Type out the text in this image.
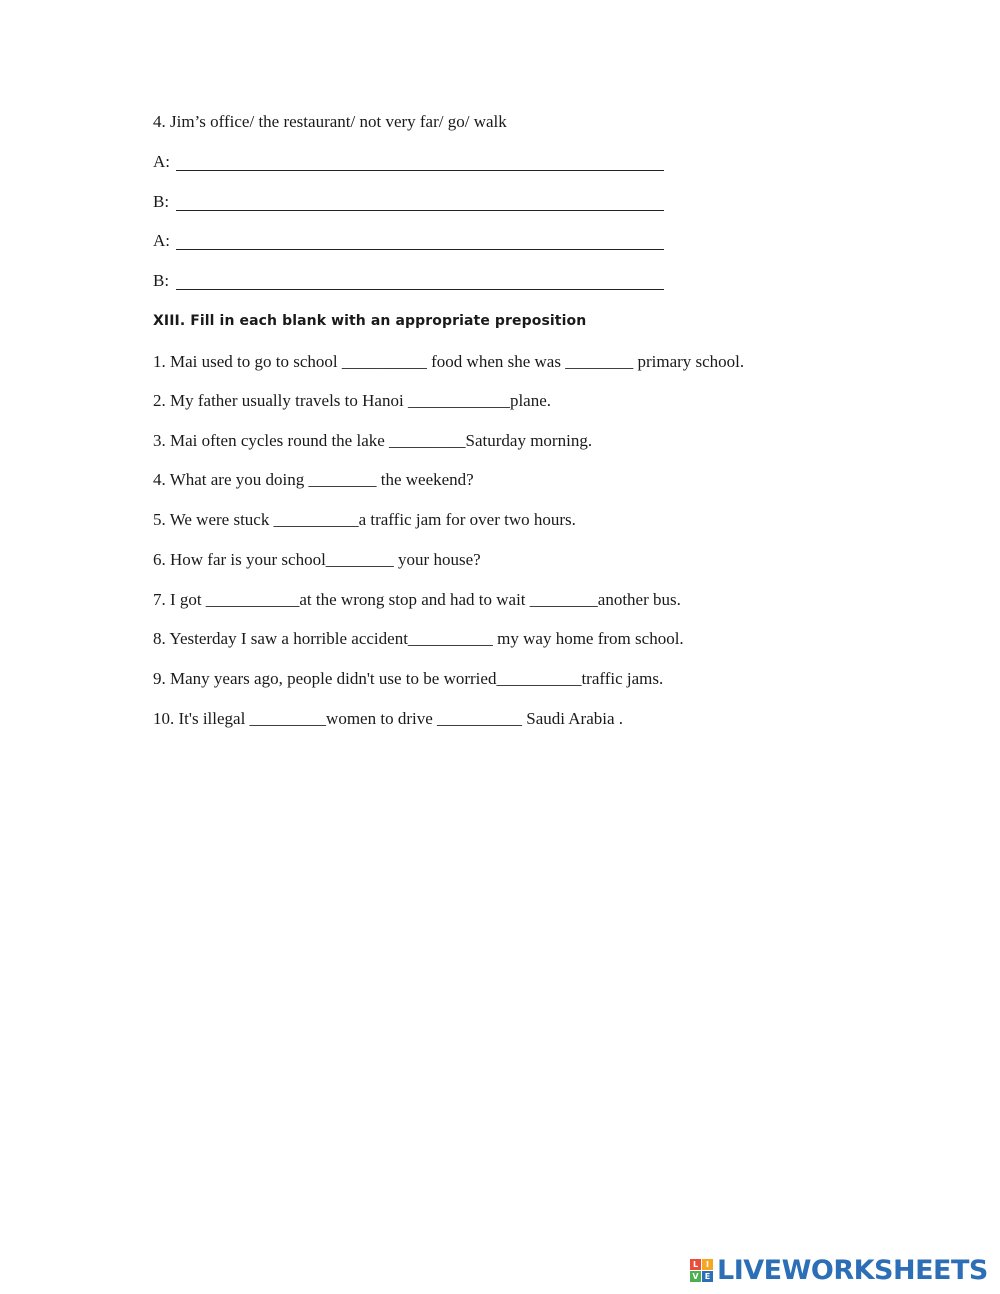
4. Jim’s office/ the restaurant/ not very far/ go/ walk
A:
B:
A:
B:
XIII. Fill in each blank with an appropriate preposition
1. Mai used to go to school __________ food when she was ________ primary school.
2. My father usually travels to Hanoi ____________plane.
3. Mai often cycles round the lake _________Saturday morning.
4. What are you doing ________ the weekend?
5. We were stuck __________a traffic jam for over two hours.
6. How far is your school________ your house?
7. I got ___________at the wrong stop and had to wait ________another bus.
8. Yesterday I saw a horrible accident__________ my way home from school.
9. Many years ago, people didn't use to be worried__________traffic jams.
10. It's illegal _________women to drive __________ Saudi Arabia .
L I
V E LIVEWORKSHEETS
